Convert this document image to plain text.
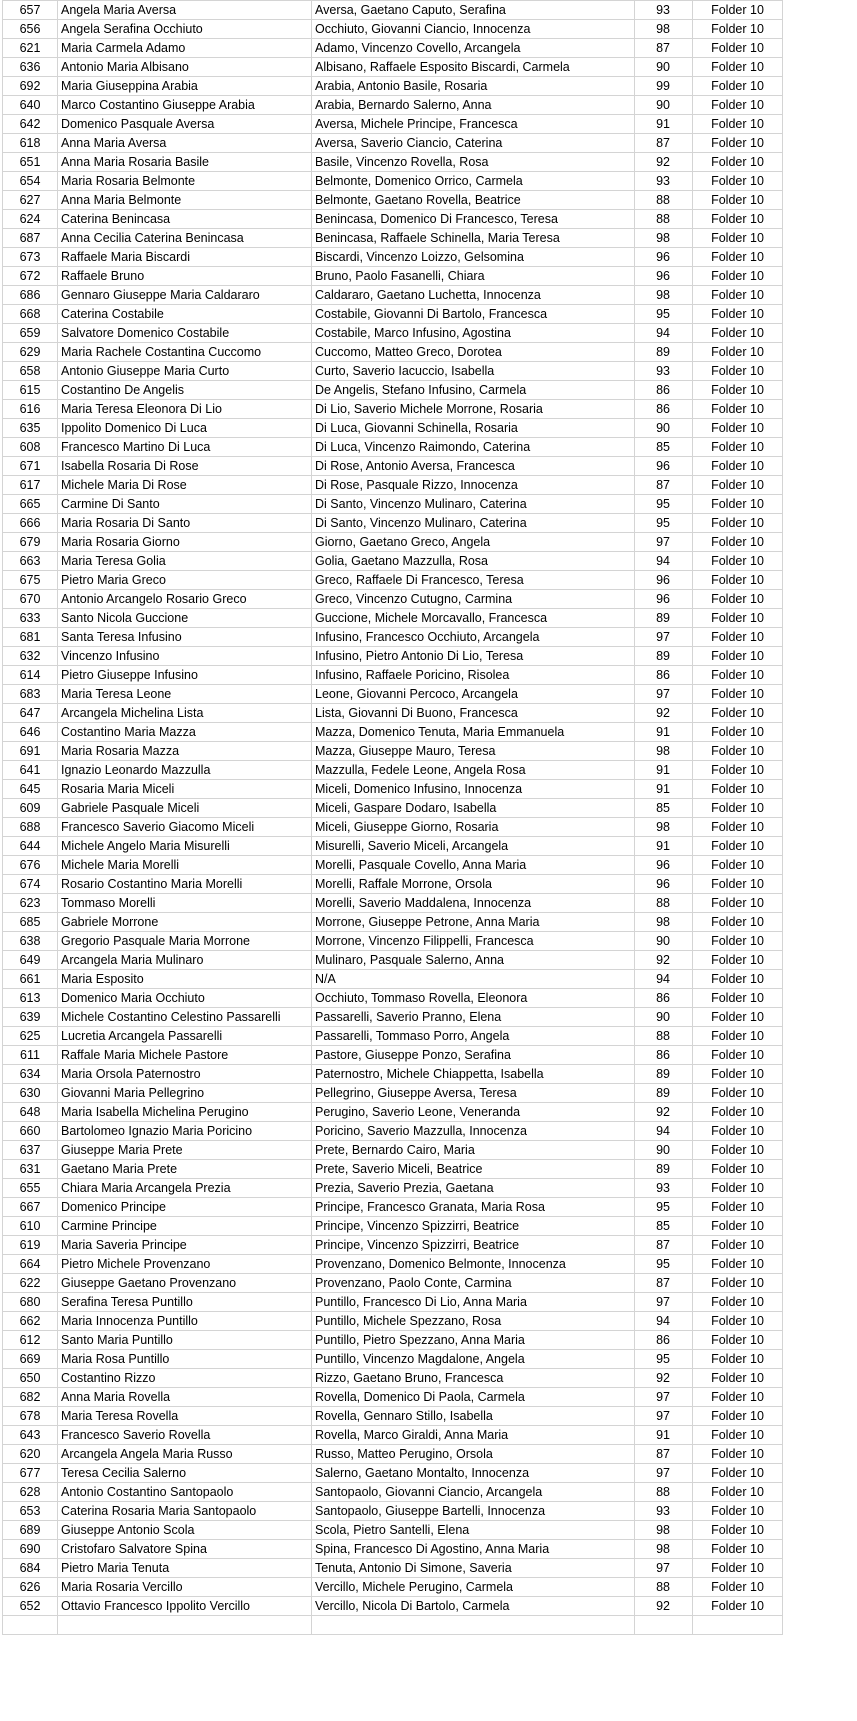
657	Angela Maria Aversa	Aversa, Gaetano Caputo, Serafina	93	Folder 10
656	Angela Serafina Occhiuto	Occhiuto, Giovanni Ciancio, Innocenza	98	Folder 10
621	Maria Carmela Adamo	Adamo, Vincenzo Covello, Arcangela	87	Folder 10
636	Antonio Maria Albisano	Albisano, Raffaele Esposito Biscardi, Carmela	90	Folder 10
692	Maria Giuseppina Arabia	Arabia, Antonio Basile, Rosaria	99	Folder 10
640	Marco Costantino Giuseppe Arabia	Arabia, Bernardo Salerno, Anna	90	Folder 10
642	Domenico Pasquale Aversa	Aversa, Michele Principe, Francesca	91	Folder 10
618	Anna Maria Aversa	Aversa, Saverio Ciancio, Caterina	87	Folder 10
651	Anna Maria Rosaria Basile	Basile, Vincenzo Rovella, Rosa	92	Folder 10
654	Maria Rosaria Belmonte	Belmonte, Domenico Orrico, Carmela	93	Folder 10
627	Anna Maria Belmonte	Belmonte, Gaetano Rovella, Beatrice	88	Folder 10
624	Caterina Benincasa	Benincasa, Domenico Di Francesco, Teresa	88	Folder 10
687	Anna Cecilia Caterina Benincasa	Benincasa, Raffaele Schinella, Maria Teresa	98	Folder 10
673	Raffaele Maria Biscardi	Biscardi, Vincenzo Loizzo, Gelsomina	96	Folder 10
672	Raffaele Bruno	Bruno, Paolo Fasanelli, Chiara	96	Folder 10
686	Gennaro Giuseppe Maria Caldararo	Caldararo, Gaetano Luchetta, Innocenza	98	Folder 10
668	Caterina Costabile	Costabile, Giovanni Di Bartolo, Francesca	95	Folder 10
659	Salvatore Domenico Costabile	Costabile, Marco Infusino, Agostina	94	Folder 10
629	Maria Rachele Costantina Cuccomo	Cuccomo, Matteo Greco, Dorotea	89	Folder 10
658	Antonio Giuseppe Maria Curto	Curto, Saverio Iacuccio, Isabella	93	Folder 10
615	Costantino De Angelis	De Angelis, Stefano Infusino, Carmela	86	Folder 10
616	Maria Teresa Eleonora Di Lio	Di Lio, Saverio Michele Morrone, Rosaria	86	Folder 10
635	Ippolito Domenico Di Luca	Di Luca, Giovanni Schinella, Rosaria	90	Folder 10
608	Francesco Martino Di Luca	Di Luca, Vincenzo Raimondo, Caterina	85	Folder 10
671	Isabella Rosaria Di Rose	Di Rose, Antonio Aversa, Francesca	96	Folder 10
617	Michele Maria Di Rose	Di Rose, Pasquale Rizzo, Innocenza	87	Folder 10
665	Carmine Di Santo	Di Santo, Vincenzo Mulinaro, Caterina	95	Folder 10
666	Maria Rosaria Di Santo	Di Santo, Vincenzo Mulinaro, Caterina	95	Folder 10
679	Maria Rosaria Giorno	Giorno, Gaetano Greco, Angela	97	Folder 10
663	Maria Teresa Golia	Golia, Gaetano Mazzulla, Rosa	94	Folder 10
675	Pietro Maria Greco	Greco, Raffaele Di Francesco, Teresa	96	Folder 10
670	Antonio Arcangelo Rosario Greco	Greco, Vincenzo Cutugno, Carmina	96	Folder 10
633	Santo Nicola Guccione	Guccione, Michele Morcavallo, Francesca	89	Folder 10
681	Santa Teresa Infusino	Infusino, Francesco Occhiuto, Arcangela	97	Folder 10
632	Vincenzo Infusino	Infusino, Pietro Antonio Di Lio, Teresa	89	Folder 10
614	Pietro Giuseppe Infusino	Infusino, Raffaele Poricino, Risolea	86	Folder 10
683	Maria Teresa Leone	Leone, Giovanni Percoco, Arcangela	97	Folder 10
647	Arcangela Michelina Lista	Lista, Giovanni Di Buono, Francesca	92	Folder 10
646	Costantino Maria Mazza	Mazza, Domenico Tenuta, Maria Emmanuela	91	Folder 10
691	Maria Rosaria Mazza	Mazza, Giuseppe Mauro, Teresa	98	Folder 10
641	Ignazio Leonardo Mazzulla	Mazzulla, Fedele Leone, Angela Rosa	91	Folder 10
645	Rosaria Maria Miceli	Miceli, Domenico Infusino, Innocenza	91	Folder 10
609	Gabriele Pasquale Miceli	Miceli, Gaspare Dodaro, Isabella	85	Folder 10
688	Francesco Saverio Giacomo Miceli	Miceli, Giuseppe Giorno, Rosaria	98	Folder 10
644	Michele Angelo Maria Misurelli	Misurelli, Saverio Miceli, Arcangela	91	Folder 10
676	Michele Maria Morelli	Morelli, Pasquale Covello, Anna Maria	96	Folder 10
674	Rosario Costantino Maria Morelli	Morelli, Raffale Morrone, Orsola	96	Folder 10
623	Tommaso Morelli	Morelli, Saverio Maddalena, Innocenza	88	Folder 10
685	Gabriele Morrone	Morrone, Giuseppe Petrone, Anna Maria	98	Folder 10
638	Gregorio Pasquale Maria Morrone	Morrone, Vincenzo Filippelli, Francesca	90	Folder 10
649	Arcangela Maria Mulinaro	Mulinaro, Pasquale Salerno, Anna	92	Folder 10
661	Maria Esposito	N/A	94	Folder 10
613	Domenico Maria Occhiuto	Occhiuto, Tommaso Rovella, Eleonora	86	Folder 10
639	Michele Costantino Celestino Passarelli	Passarelli, Saverio Pranno, Elena	90	Folder 10
625	Lucretia Arcangela Passarelli	Passarelli, Tommaso Porro, Angela	88	Folder 10
611	Raffale Maria Michele Pastore	Pastore, Giuseppe Ponzo, Serafina	86	Folder 10
634	Maria Orsola Paternostro	Paternostro, Michele Chiappetta, Isabella	89	Folder 10
630	Giovanni Maria Pellegrino	Pellegrino, Giuseppe Aversa, Teresa	89	Folder 10
648	Maria Isabella Michelina Perugino	Perugino, Saverio Leone, Veneranda	92	Folder 10
660	Bartolomeo Ignazio Maria Poricino	Poricino, Saverio Mazzulla, Innocenza	94	Folder 10
637	Giuseppe Maria Prete	Prete, Bernardo Cairo, Maria	90	Folder 10
631	Gaetano Maria Prete	Prete, Saverio Miceli, Beatrice	89	Folder 10
655	Chiara Maria Arcangela Prezia	Prezia, Saverio Prezia, Gaetana	93	Folder 10
667	Domenico Principe	Principe, Francesco Granata, Maria Rosa	95	Folder 10
610	Carmine Principe	Principe, Vincenzo Spizzirri, Beatrice	85	Folder 10
619	Maria Saveria Principe	Principe, Vincenzo Spizzirri, Beatrice	87	Folder 10
664	Pietro Michele Provenzano	Provenzano, Domenico Belmonte, Innocenza	95	Folder 10
622	Giuseppe Gaetano Provenzano	Provenzano, Paolo Conte, Carmina	87	Folder 10
680	Serafina Teresa Puntillo	Puntillo, Francesco Di Lio, Anna Maria	97	Folder 10
662	Maria Innocenza Puntillo	Puntillo, Michele Spezzano, Rosa	94	Folder 10
612	Santo Maria Puntillo	Puntillo, Pietro Spezzano, Anna Maria	86	Folder 10
669	Maria Rosa Puntillo	Puntillo, Vincenzo Magdalone, Angela	95	Folder 10
650	Costantino Rizzo	Rizzo, Gaetano Bruno, Francesca	92	Folder 10
682	Anna Maria Rovella	Rovella, Domenico Di Paola, Carmela	97	Folder 10
678	Maria Teresa Rovella	Rovella, Gennaro Stillo, Isabella	97	Folder 10
643	Francesco Saverio Rovella	Rovella, Marco Giraldi, Anna Maria	91	Folder 10
620	Arcangela Angela Maria Russo	Russo, Matteo Perugino, Orsola	87	Folder 10
677	Teresa Cecilia Salerno	Salerno, Gaetano Montalto, Innocenza	97	Folder 10
628	Antonio Costantino Santopaolo	Santopaolo, Giovanni Ciancio, Arcangela	88	Folder 10
653	Caterina Rosaria Maria Santopaolo	Santopaolo, Giuseppe Bartelli, Innocenza	93	Folder 10
689	Giuseppe Antonio Scola	Scola, Pietro Santelli, Elena	98	Folder 10
690	Cristofaro Salvatore Spina	Spina, Francesco Di Agostino, Anna Maria	98	Folder 10
684	Pietro Maria Tenuta	Tenuta, Antonio Di Simone, Saveria	97	Folder 10
626	Maria Rosaria Vercillo	Vercillo, Michele Perugino, Carmela	88	Folder 10
652	Ottavio Francesco Ippolito Vercillo	Vercillo, Nicola Di Bartolo, Carmela	92	Folder 10
